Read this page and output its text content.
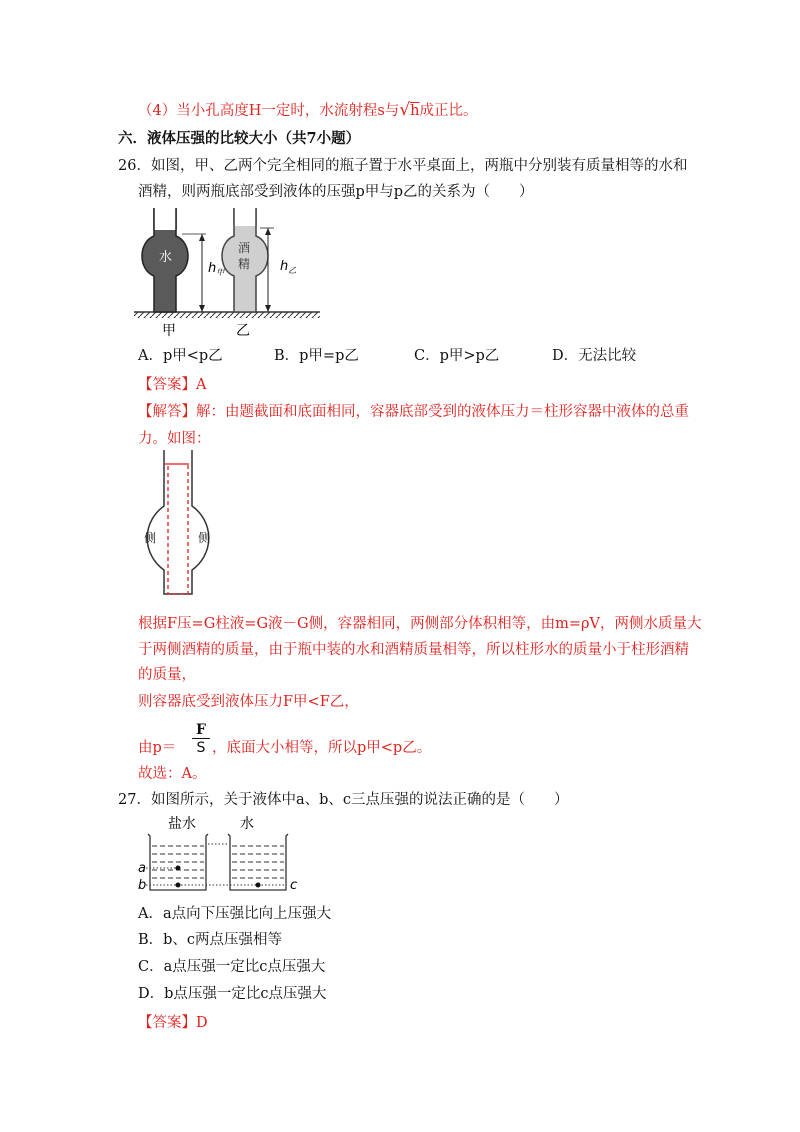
（4）当小孔高度H一定时，水流射程s与√h成正比。
六．液体压强的比较大小（共7小题）
26．如图，甲、乙两个完全相同的瓶子置于水平桌面上，两瓶中分别装有质量相等的水和
酒精，则两瓶底部受到液体的压强p甲与p乙的关系为（　　）
水
$h_甲$
酒
精 $h_乙$
甲	乙
A．p甲<p乙	B．p甲=p乙	C．p甲>p乙	D．无法比较
【答案】A
【解答】解：由题截面和底面相同，容器底部受到的液体压力＝柱形容器中液体的总重
力。如图：
侧	侧
根据F压=G柱液=G液－G侧，容器相同，两侧部分体积相等，由m=ρV，两侧水质量大
于两侧酒精的质量，由于瓶中装的水和酒精质量相等，所以柱形水的质量小于柱形酒精
的质量，
则容器底受到液体压力F甲<F乙，
由p＝
F
S ，底面大小相等，所以p甲<p乙。
故选：A。
27．如图所示，关于液体中a、b、c三点压强的说法正确的是（　　）
盐水	水
a
b	c
A．a点向下压强比向上压强大
B．b、c两点压强相等
C．a点压强一定比c点压强大
D．b点压强一定比c点压强大
【答案】D
